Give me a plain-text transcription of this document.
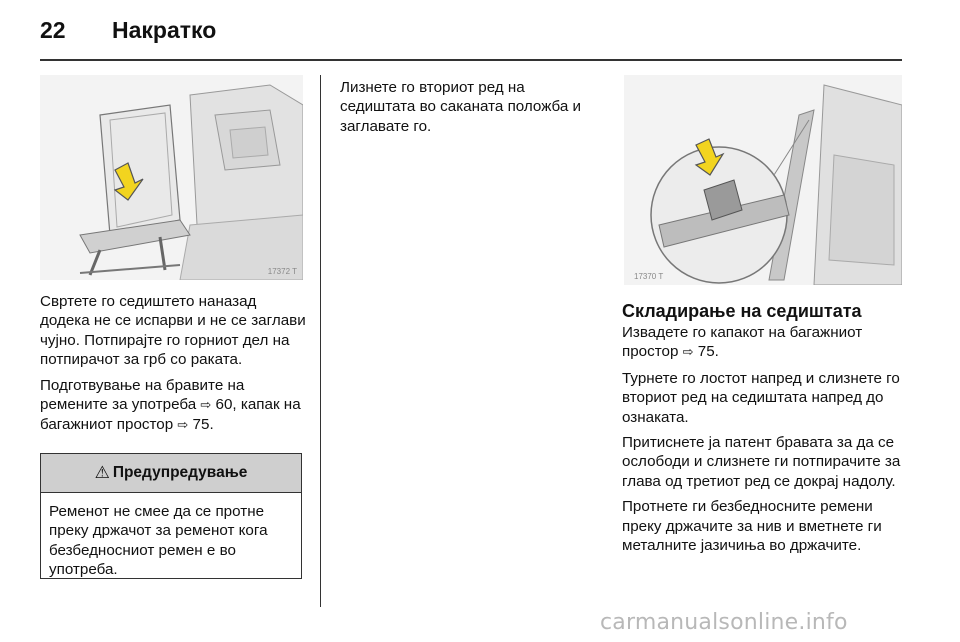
22	Накратко
17372 T
17370 T

Свртете го седиштето наназад додека не се испарви и не се заглави чујно. Потпирајте го горниот дел на потпирачот за грб со раката.

Подготвување на бравите на ремените за употреба ⇨ 60, капак на багажниот простор ⇨ 75.

⚠ Предупредување
Ременот не смее да се протне преку држачот за ременот кога безбедносниот ремен е во употреба.

Лизнете го вториот ред на седиштата во саканата положба и заглавате го.

Складирање на седиштата

Извадете го капакот на багажниот простор ⇨ 75.

Турнете го лостот напред и слизнете го вториот ред на седиштата напред до ознаката.

Притиснете ја патент бравата за да се ослободи и слизнете ги потпирачите за глава од третиот ред се докрај надолу.

Протнете ги безбедносните ремени преку држачите за нив и вметнете ги металните јазичиња во држачите.

carmanualsonline.info
